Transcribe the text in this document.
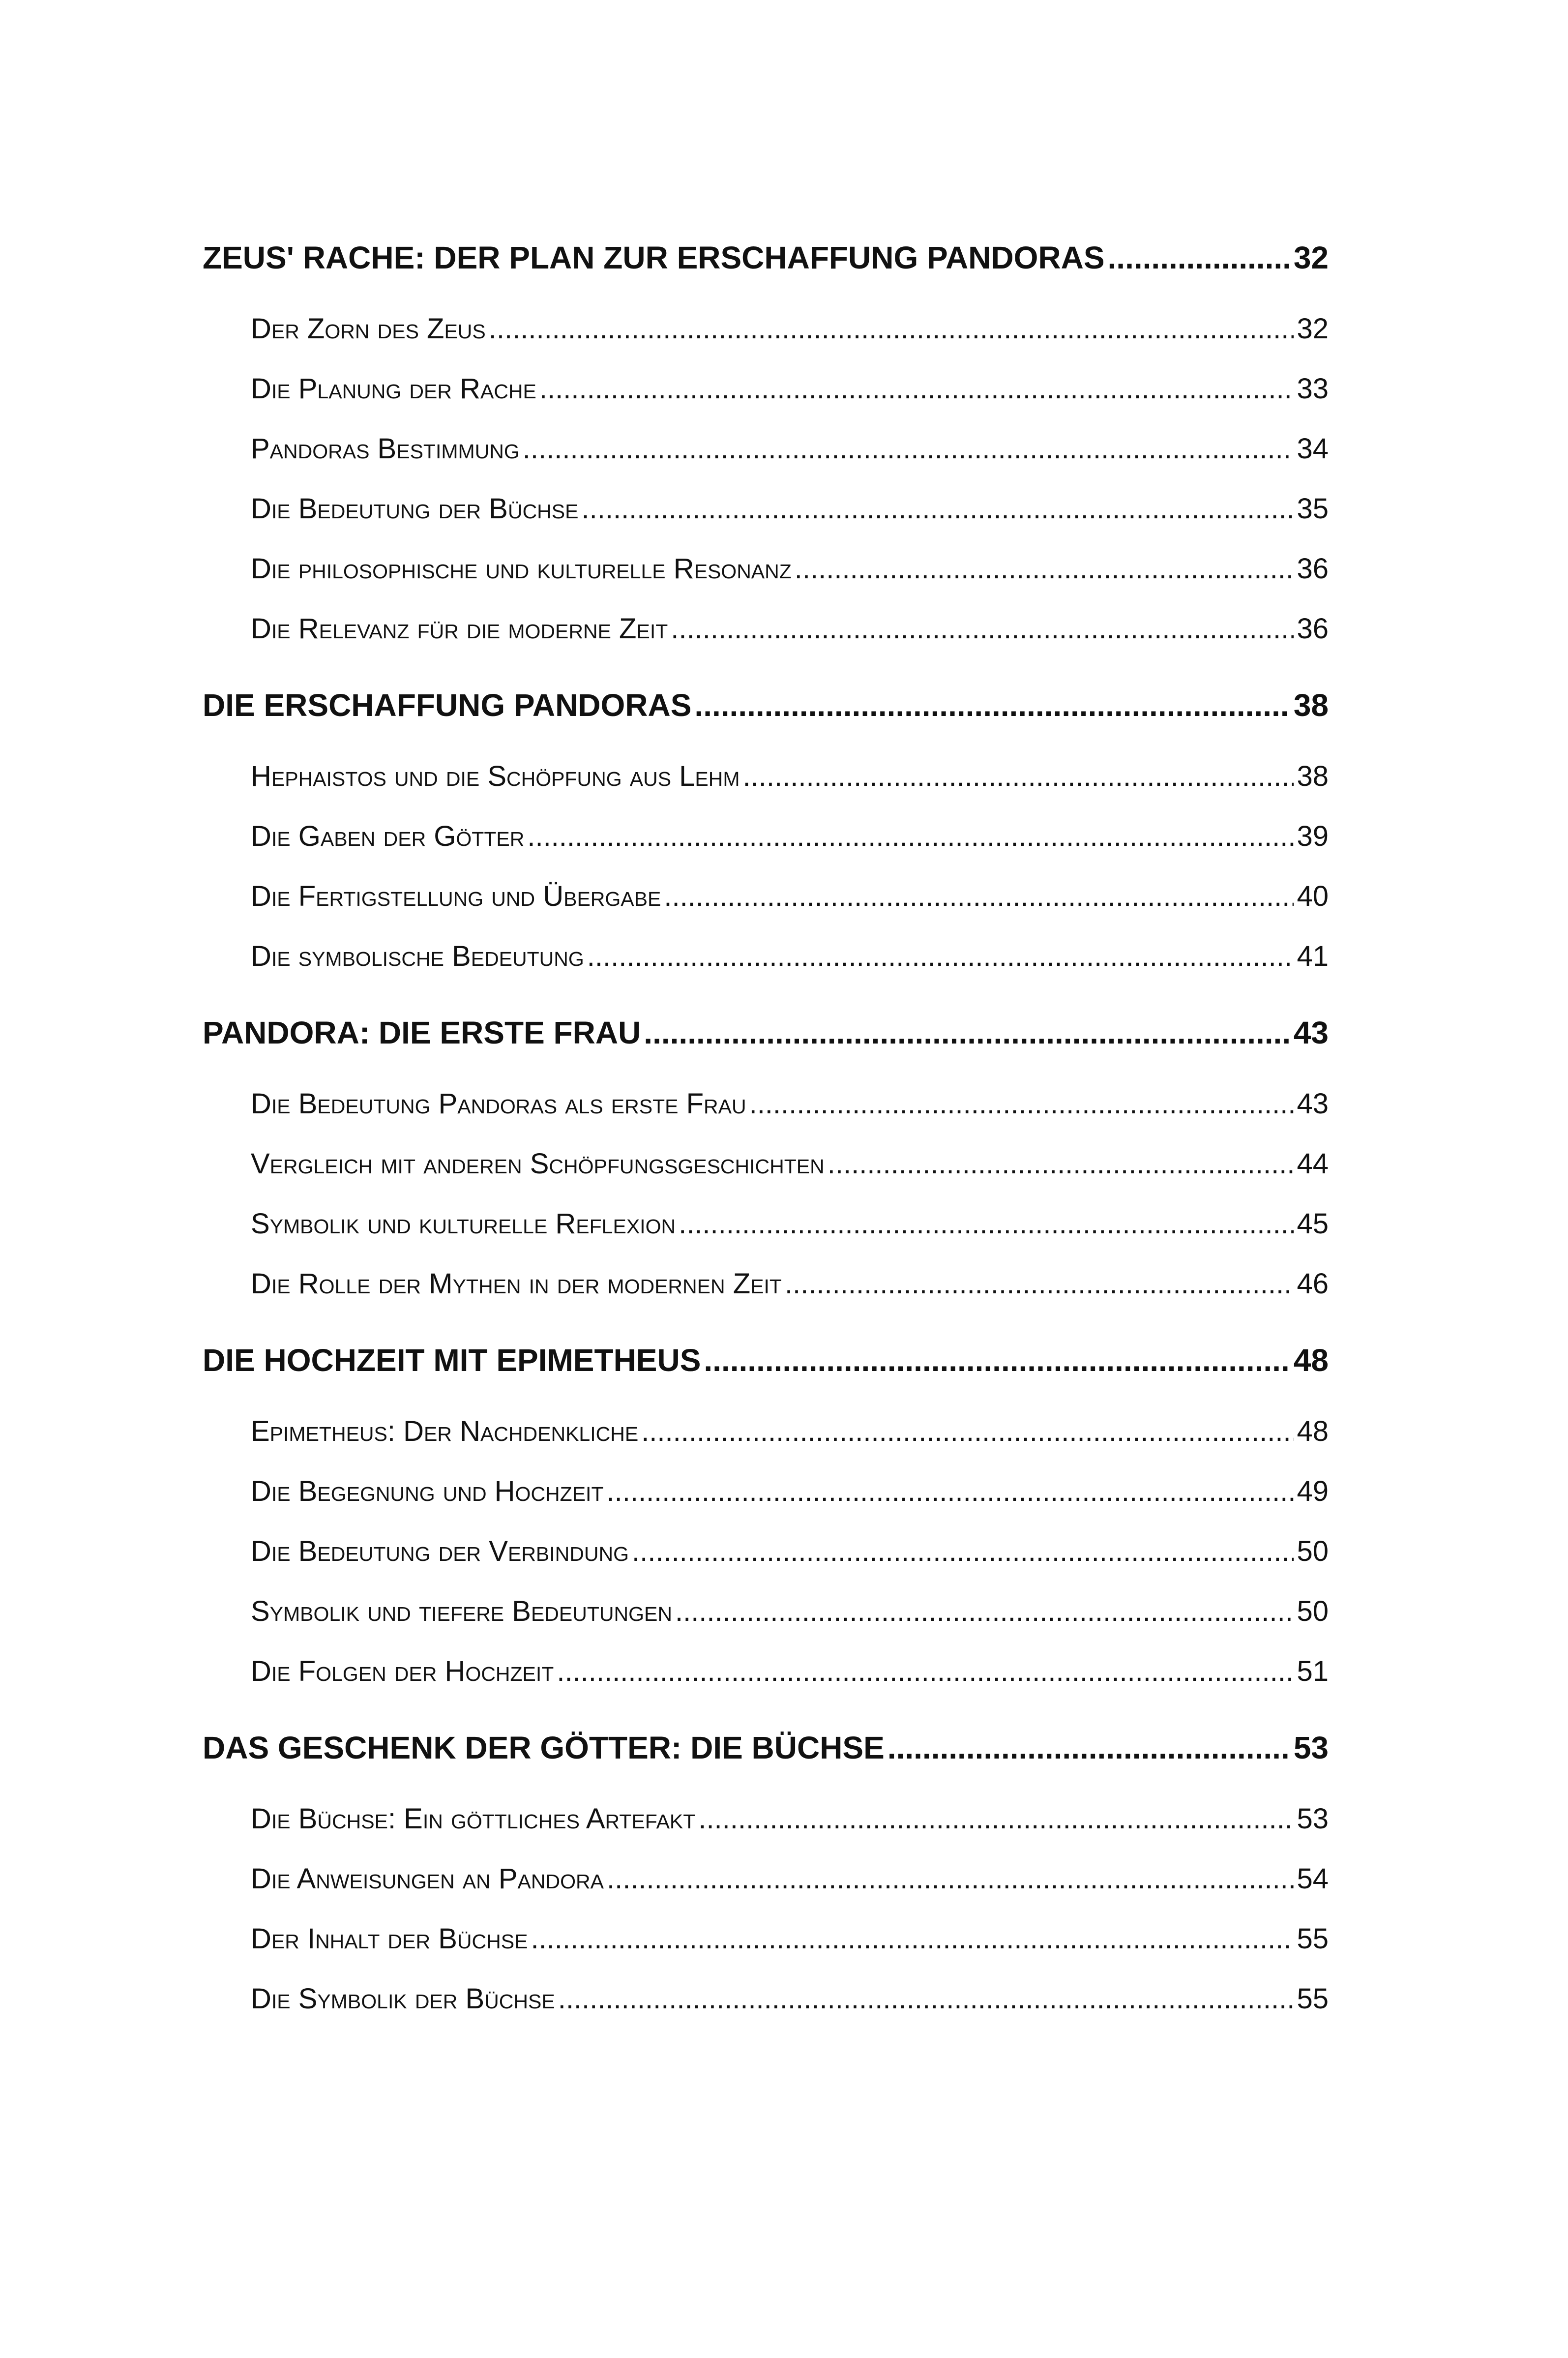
ZEUS' RACHE: DER PLAN ZUR ERSCHAFFUNG PANDORAS .....	32
Der Zorn des Zeus .....	32
Die Planung der Rache .....	33
Pandoras Bestimmung .....	34
Die Bedeutung der Büchse .....	35
Die philosophische und kulturelle Resonanz .....	36
Die Relevanz für die moderne Zeit .....	36
DIE ERSCHAFFUNG PANDORAS .....	38
Hephaistos und die Schöpfung aus Lehm .....	38
Die Gaben der Götter .....	39
Die Fertigstellung und Übergabe .....	40
Die symbolische Bedeutung .....	41
PANDORA: DIE ERSTE FRAU .....	43
Die Bedeutung Pandoras als erste Frau .....	43
Vergleich mit anderen Schöpfungsgeschichten .....	44
Symbolik und kulturelle Reflexion .....	45
Die Rolle der Mythen in der modernen Zeit .....	46
DIE HOCHZEIT MIT EPIMETHEUS .....	48
Epimetheus: Der Nachdenkliche .....	48
Die Begegnung und Hochzeit .....	49
Die Bedeutung der Verbindung .....	50
Symbolik und tiefere Bedeutungen .....	50
Die Folgen der Hochzeit .....	51
DAS GESCHENK DER GÖTTER: DIE BÜCHSE .....	53
Die Büchse: Ein göttliches Artefakt .....	53
Die Anweisungen an Pandora .....	54
Der Inhalt der Büchse .....	55
Die Symbolik der Büchse .....	55
